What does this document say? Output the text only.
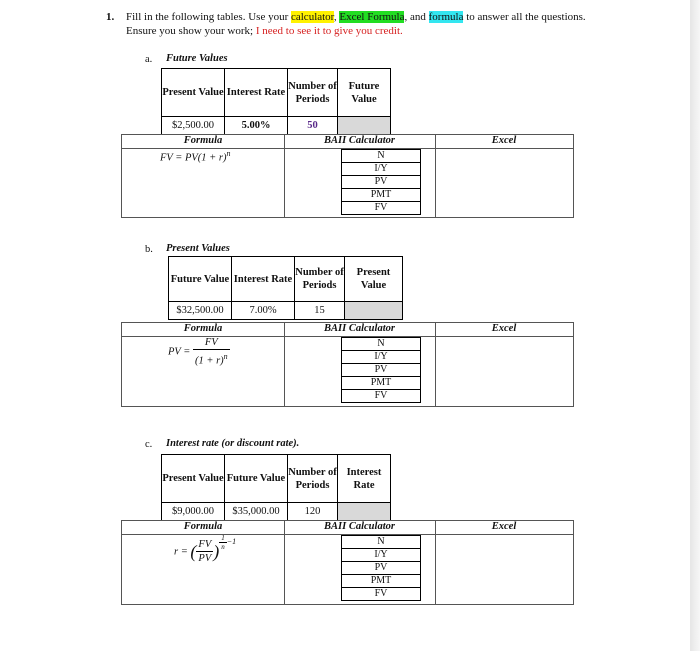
1. Fill in the following tables. Use your calculator, Excel Formula, and formula to answer all the questions.
Ensure you show your work; I need to see it to give you credit.
a. Future Values
Present Value	Interest Rate	Number of Periods	Future Value
$2,500.00	5.00%	50	
Formula	BAII Calculator	Excel
FV = $PV(1 + r)^n$	N
I/Y
PV
PMT
FV
b. Present Values
Future Value	Interest Rate	Number of Periods	Present Value
$32,500.00	7.00%	15	
Formula	BAII Calculator	Excel
PV = $\frac{FV}{(1 + r)^n}$	N
I/Y
PV
PMT
FV
c. Interest rate (or discount rate).
Present Value	Future Value	Number of Periods	Interest Rate
$9,000.00	$35,000.00	120	
Formula	BAII Calculator	Excel
r = ( $\frac{FV}{PV}$ ) $^{\frac{1}{n}}$ $^{-1}$	N
I/Y
PV
PMT
FV
